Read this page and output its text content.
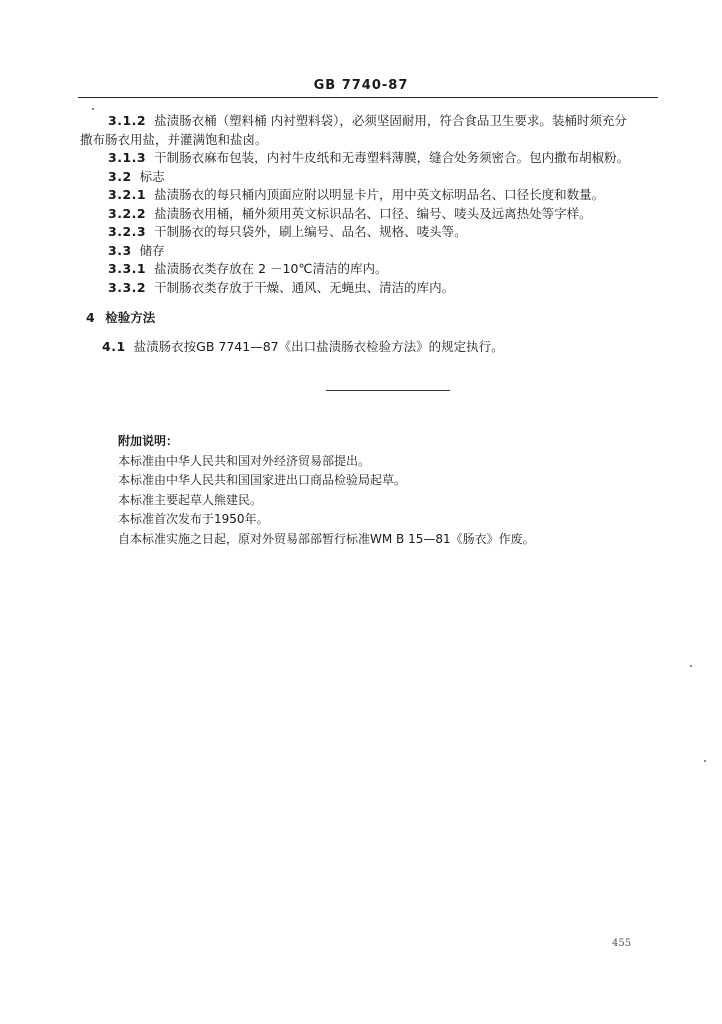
GB 7740-87
3.1.2 盐渍肠衣桶（塑料桶 内衬塑料袋），必须坚固耐用，符合食品卫生要求。装桶时须充分
撒布肠衣用盐，并灌满饱和盐卤。
3.1.3 干制肠衣麻布包装，内衬牛皮纸和无毒塑料薄膜，缝合处务须密合。包内撒布胡椒粉。
3.2 标志
3.2.1 盐渍肠衣的每只桶内顶面应附以明显卡片，用中英文标明品名、口径长度和数量。
3.2.2 盐渍肠衣用桶，桶外须用英文标识品名、口径、编号、唛头及远离热处等字样。
3.2.3 干制肠衣的每只袋外，刷上编号、品名、规格、唛头等。
3.3 储存
3.3.1 盐渍肠衣类存放在 2 －10℃清洁的库内。
3.3.2 干制肠衣类存放于干燥、通风、无蝇虫、清洁的库内。
4 检验方法
4.1 盐渍肠衣按GB 7741—87《出口盐渍肠衣检验方法》的规定执行。
附加说明：
本标准由中华人民共和国对外经济贸易部提出。
本标准由中华人民共和国国家进出口商品检验局起草。
本标准主要起草人熊建民。
本标准首次发布于1950年。
自本标准实施之日起，原对外贸易部部暂行标准WM B 15—81《肠衣》作废。
455
